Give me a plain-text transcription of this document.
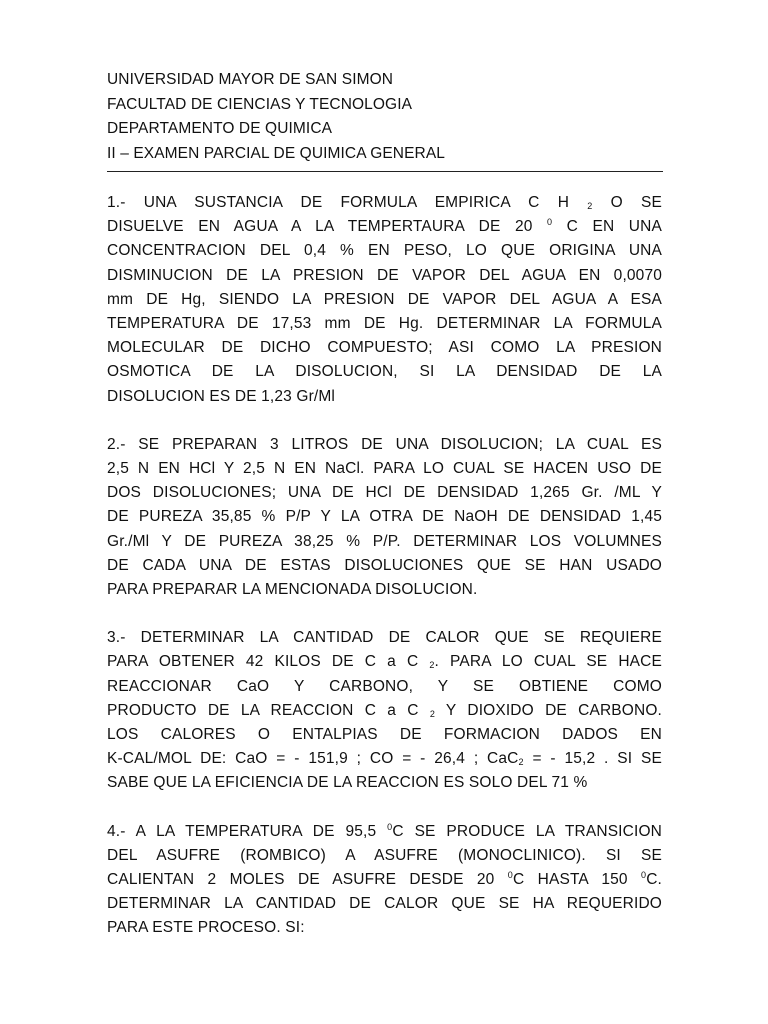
UNIVERSIDAD MAYOR DE SAN SIMON
FACULTAD DE CIENCIAS Y TECNOLOGIA
DEPARTAMENTO DE QUIMICA
II – EXAMEN PARCIAL DE QUIMICA GENERAL
1.- UNA SUSTANCIA DE FORMULA EMPIRICA C H $_2$ O SE
DISUELVE EN AGUA A LA TEMPERTAURA DE 20 $^0$ C EN UNA
CONCENTRACION DEL 0,4 % EN PESO, LO QUE ORIGINA UNA
DISMINUCION DE LA PRESION DE VAPOR DEL AGUA EN 0,0070
mm DE Hg, SIENDO LA PRESION DE VAPOR DEL AGUA A ESA
TEMPERATURA DE 17,53 mm DE Hg. DETERMINAR LA FORMULA
MOLECULAR DE DICHO COMPUESTO; ASI COMO LA PRESION
OSMOTICA DE LA DISOLUCION, SI LA DENSIDAD DE LA
DISOLUCION ES DE 1,23 Gr/Ml
2.- SE PREPARAN 3 LITROS DE UNA DISOLUCION; LA CUAL ES
2,5 N EN HCl Y 2,5 N EN NaCl. PARA LO CUAL SE HACEN USO DE
DOS DISOLUCIONES; UNA DE HCl DE DENSIDAD 1,265 Gr. /ML Y
DE PUREZA 35,85 % P/P Y LA OTRA DE NaOH DE DENSIDAD 1,45
Gr./Ml Y DE PUREZA 38,25 % P/P. DETERMINAR LOS VOLUMNES
DE CADA UNA DE ESTAS DISOLUCIONES QUE SE HAN USADO
PARA PREPARAR LA MENCIONADA DISOLUCION.
3.- DETERMINAR LA CANTIDAD DE CALOR QUE SE REQUIERE
PARA OBTENER 42 KILOS DE C a C $_2$. PARA LO CUAL SE HACE
REACCIONAR CaO Y CARBONO, Y SE OBTIENE COMO
PRODUCTO DE LA REACCION C a C $_2$ Y DIOXIDO DE CARBONO.
LOS CALORES O ENTALPIAS DE FORMACION DADOS EN
K-CAL/MOL DE: CaO = - 151,9 ; CO = - 26,4 ; CaC$_2$ = - 15,2 . SI SE
SABE QUE LA EFICIENCIA DE LA REACCION ES SOLO DEL 71 %
4.- A LA TEMPERATURA DE 95,5 $^0$C SE PRODUCE LA TRANSICION
DEL ASUFRE (ROMBICO) A ASUFRE (MONOCLINICO). SI SE
CALIENTAN 2 MOLES DE ASUFRE DESDE 20 $^0$C HASTA 150 $^0$C.
DETERMINAR LA CANTIDAD DE CALOR QUE SE HA REQUERIDO
PARA ESTE PROCESO. SI:
